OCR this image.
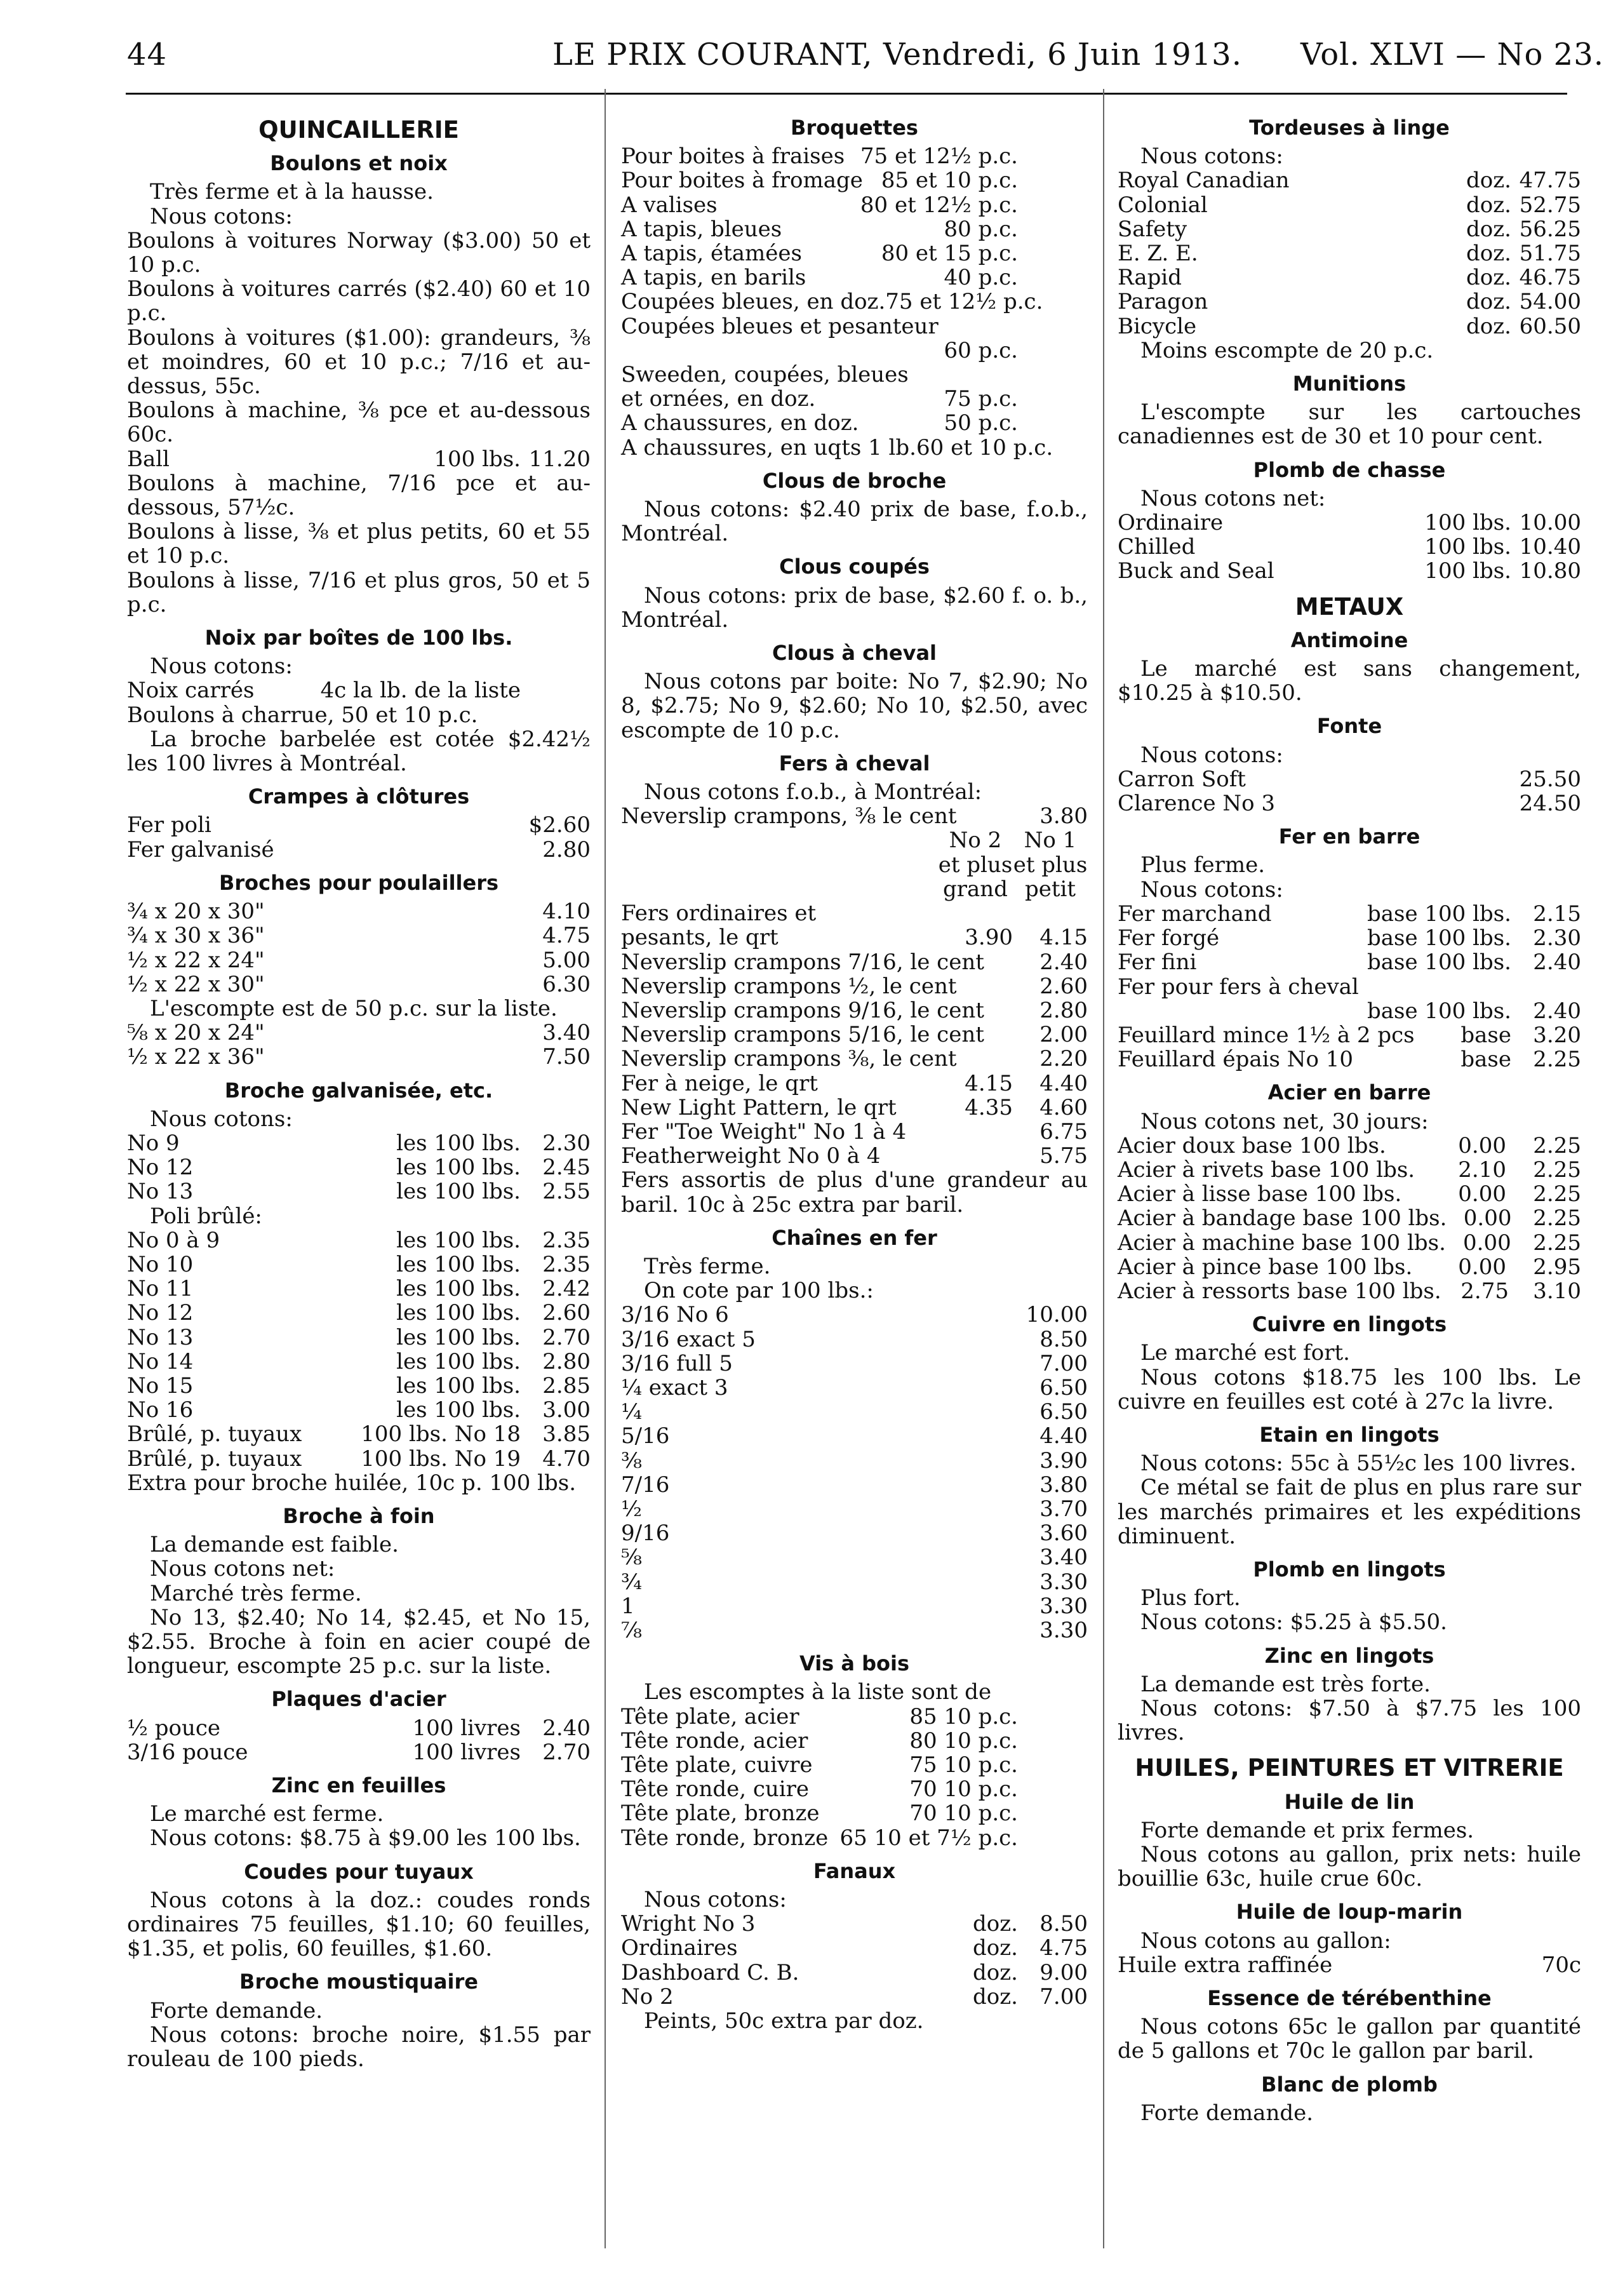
44	LE PRIX COURANT, Vendredi, 6 Juin 1913. Vol. XLVI — No 23.
QUINCAILLERIE
Boulons et noix
Très ferme et à la hausse.
Nous cotons:
Boulons à voitures Norway ($3.00) 50 et 10 p.c.
Boulons à voitures carrés ($2.40) 60 et 10 p.c.
Boulons à voitures ($1.00): grandeurs, ⅜ et moindres, 60 et 10 p.c.; 7/16 et au-dessus, 55c.
Boulons à machine, ⅜ pce et au-dessous 60c.
Ball	100 lbs. 11.20
Boulons à machine, 7/16 pce et au-dessous, 57½c.
Boulons à lisse, ⅜ et plus petits, 60 et 55 et 10 p.c.
Boulons à lisse, 7/16 et plus gros, 50 et 5 p.c.
Noix par boîtes de 100 lbs.
Nous cotons:
Noix carrés	4c la lb. de la liste
Boulons à charrue, 50 et 10 p.c.
La broche barbelée est cotée $2.42½ les 100 livres à Montréal.
Crampes à clôtures
Fer poli	$2.60
Fer galvanisé	2.80
Broches pour poulaillers
¾ x 20 x 30"	4.10
¾ x 30 x 36"	4.75
½ x 22 x 24"	5.00
½ x 22 x 30"	6.30
L'escompte est de 50 p.c. sur la liste.
⅝ x 20 x 24"	3.40
½ x 22 x 36"	7.50
Broche galvanisée, etc.
Nous cotons:
No 9	les 100 lbs.	2.30
No 12	les 100 lbs.	2.45
No 13	les 100 lbs.	2.55
Poli brûlé:
No 0 à 9	les 100 lbs.	2.35
No 10	les 100 lbs.	2.35
No 11	les 100 lbs.	2.42
No 12	les 100 lbs.	2.60
No 13	les 100 lbs.	2.70
No 14	les 100 lbs.	2.80
No 15	les 100 lbs.	2.85
No 16	les 100 lbs.	3.00
Brûlé, p. tuyaux	100 lbs. No 18	3.85
Brûlé, p. tuyaux	100 lbs. No 19	4.70
Extra pour broche huilée, 10c p. 100 lbs.
Broche à foin
La demande est faible.
Nous cotons net:
Marché très ferme.
No 13, $2.40; No 14, $2.45, et No 15, $2.55. Broche à foin en acier coupé de longueur, escompte 25 p.c. sur la liste.
Plaques d'acier
½ pouce	100 livres	2.40
3/16 pouce	100 livres	2.70
Zinc en feuilles
Le marché est ferme.
Nous cotons: $8.75 à $9.00 les 100 lbs.
Coudes pour tuyaux
Nous cotons à la doz.: coudes ronds ordinaires 75 feuilles, $1.10; 60 feuilles, $1.35, et polis, 60 feuilles, $1.60.
Broche moustiquaire
Forte demande.
Nous cotons: broche noire, $1.55 par rouleau de 100 pieds.
Broquettes
Pour boites à fraises 75 et 12½ p.c.
Pour boites à fromage 85 et 10 p.c.
A valises	80 et 12½ p.c.
A tapis, bleues	80 p.c.
A tapis, étamées	80 et 15 p.c.
A tapis, en barils	40 p.c.
Coupées bleues, en doz. 75 et 12½ p.c.
Coupées bleues et pesanteur
60 p.c.
Sweeden, coupées, bleues
et ornées, en doz.	75 p.c.
A chaussures, en doz.	50 p.c.
A chaussures, en uqts 1 lb. 60 et 10 p.c.
Clous de broche
Nous cotons: $2.40 prix de base, f.o.b., Montréal.
Clous coupés
Nous cotons: prix de base, $2.60 f. o. b., Montréal.
Clous à cheval
Nous cotons par boite: No 7, $2.90; No 8, $2.75; No 9, $2.60; No 10, $2.50, avec escompte de 10 p.c.
Fers à cheval
Nous cotons f.o.b., à Montréal:
Neverslip crampons, ⅜ le cent	3.80
No 2	No 1
et plus et plus
grand petit
Fers ordinaires et
pesants, le qrt	3.90	4.15
Neverslip crampons 7/16, le cent	2.40
Neverslip crampons ½, le cent	2.60
Neverslip crampons 9/16, le cent	2.80
Neverslip crampons 5/16, le cent	2.00
Neverslip crampons ⅜, le cent	2.20
Fer à neige, le qrt	4.15	4.40
New Light Pattern, le qrt	4.35	4.60
Fer "Toe Weight" No 1 à 4	6.75
Featherweight No 0 à 4	5.75
Fers assortis de plus d'une grandeur au baril. 10c à 25c extra par baril.
Chaînes en fer
Très ferme.
On cote par 100 lbs.:
3/16 No 6	10.00
3/16 exact 5	8.50
3/16 full 5	7.00
¼ exact 3	6.50
¼	6.50
5/16	4.40
⅜	3.90
7/16	3.80
½	3.70
9/16	3.60
⅝	3.40
¾	3.30
1	3.30
⅞	3.30
Vis à bois
Les escomptes à la liste sont de
Tête plate, acier	85 10 p.c.
Tête ronde, acier	80 10 p.c.
Tête plate, cuivre	75 10 p.c.
Tête ronde, cuire	70 10 p.c.
Tête plate, bronze	70 10 p.c.
Tête ronde, bronze 65 10 et 7½ p.c.
Fanaux
Nous cotons:
Wright No 3	doz.	8.50
Ordinaires	doz.	4.75
Dashboard C. B.	doz.	9.00
No 2	doz.	7.00
Peints, 50c extra par doz.
Tordeuses à linge
Nous cotons:
Royal Canadian	doz. 47.75
Colonial	doz. 52.75
Safety	doz. 56.25
E. Z. E.	doz. 51.75
Rapid	doz. 46.75
Paragon	doz. 54.00
Bicycle	doz. 60.50
Moins escompte de 20 p.c.
Munitions
L'escompte sur les cartouches canadiennes est de 30 et 10 pour cent.
Plomb de chasse
Nous cotons net:
Ordinaire	100 lbs. 10.00
Chilled	100 lbs. 10.40
Buck and Seal	100 lbs. 10.80
METAUX
Antimoine
Le marché est sans changement, $10.25 à $10.50.
Fonte
Nous cotons:
Carron Soft	25.50
Clarence No 3	24.50
Fer en barre
Plus ferme.
Nous cotons:
Fer marchand	base 100 lbs.	2.15
Fer forgé	base 100 lbs.	2.30
Fer fini	base 100 lbs.	2.40
Fer pour fers à cheval
base 100 lbs.	2.40
Feuillard mince 1½ à 2 pcs	base	3.20
Feuillard épais No 10	base	2.25
Acier en barre
Nous cotons net, 30 jours:
Acier doux base 100 lbs.	0.00	2.25
Acier à rivets base 100 lbs.	2.10	2.25
Acier à lisse base 100 lbs.	0.00	2.25
Acier à bandage base 100 lbs. 0.00 2.25
Acier à machine base 100 lbs. 0.00	2.25
Acier à pince base 100 lbs.	0.00	2.95
Acier à ressorts base 100 lbs. 2.75	3.10
Cuivre en lingots
Le marché est fort.
Nous cotons $18.75 les 100 lbs. Le cuivre en feuilles est coté à 27c la livre.
Etain en lingots
Nous cotons: 55c à 55½c les 100 livres.
Ce métal se fait de plus en plus rare sur les marchés primaires et les expéditions diminuent.
Plomb en lingots
Plus fort.
Nous cotons: $5.25 à $5.50.
Zinc en lingots
La demande est très forte.
Nous cotons: $7.50 à $7.75 les 100 livres.
HUILES, PEINTURES ET VITRERIE
Huile de lin
Forte demande et prix fermes.
Nous cotons au gallon, prix nets: huile bouillie 63c, huile crue 60c.
Huile de loup-marin
Nous cotons au gallon:
Huile extra raffinée	70c
Essence de térébenthine
Nous cotons 65c le gallon par quantité de 5 gallons et 70c le gallon par baril.
Blanc de plomb
Forte demande.
